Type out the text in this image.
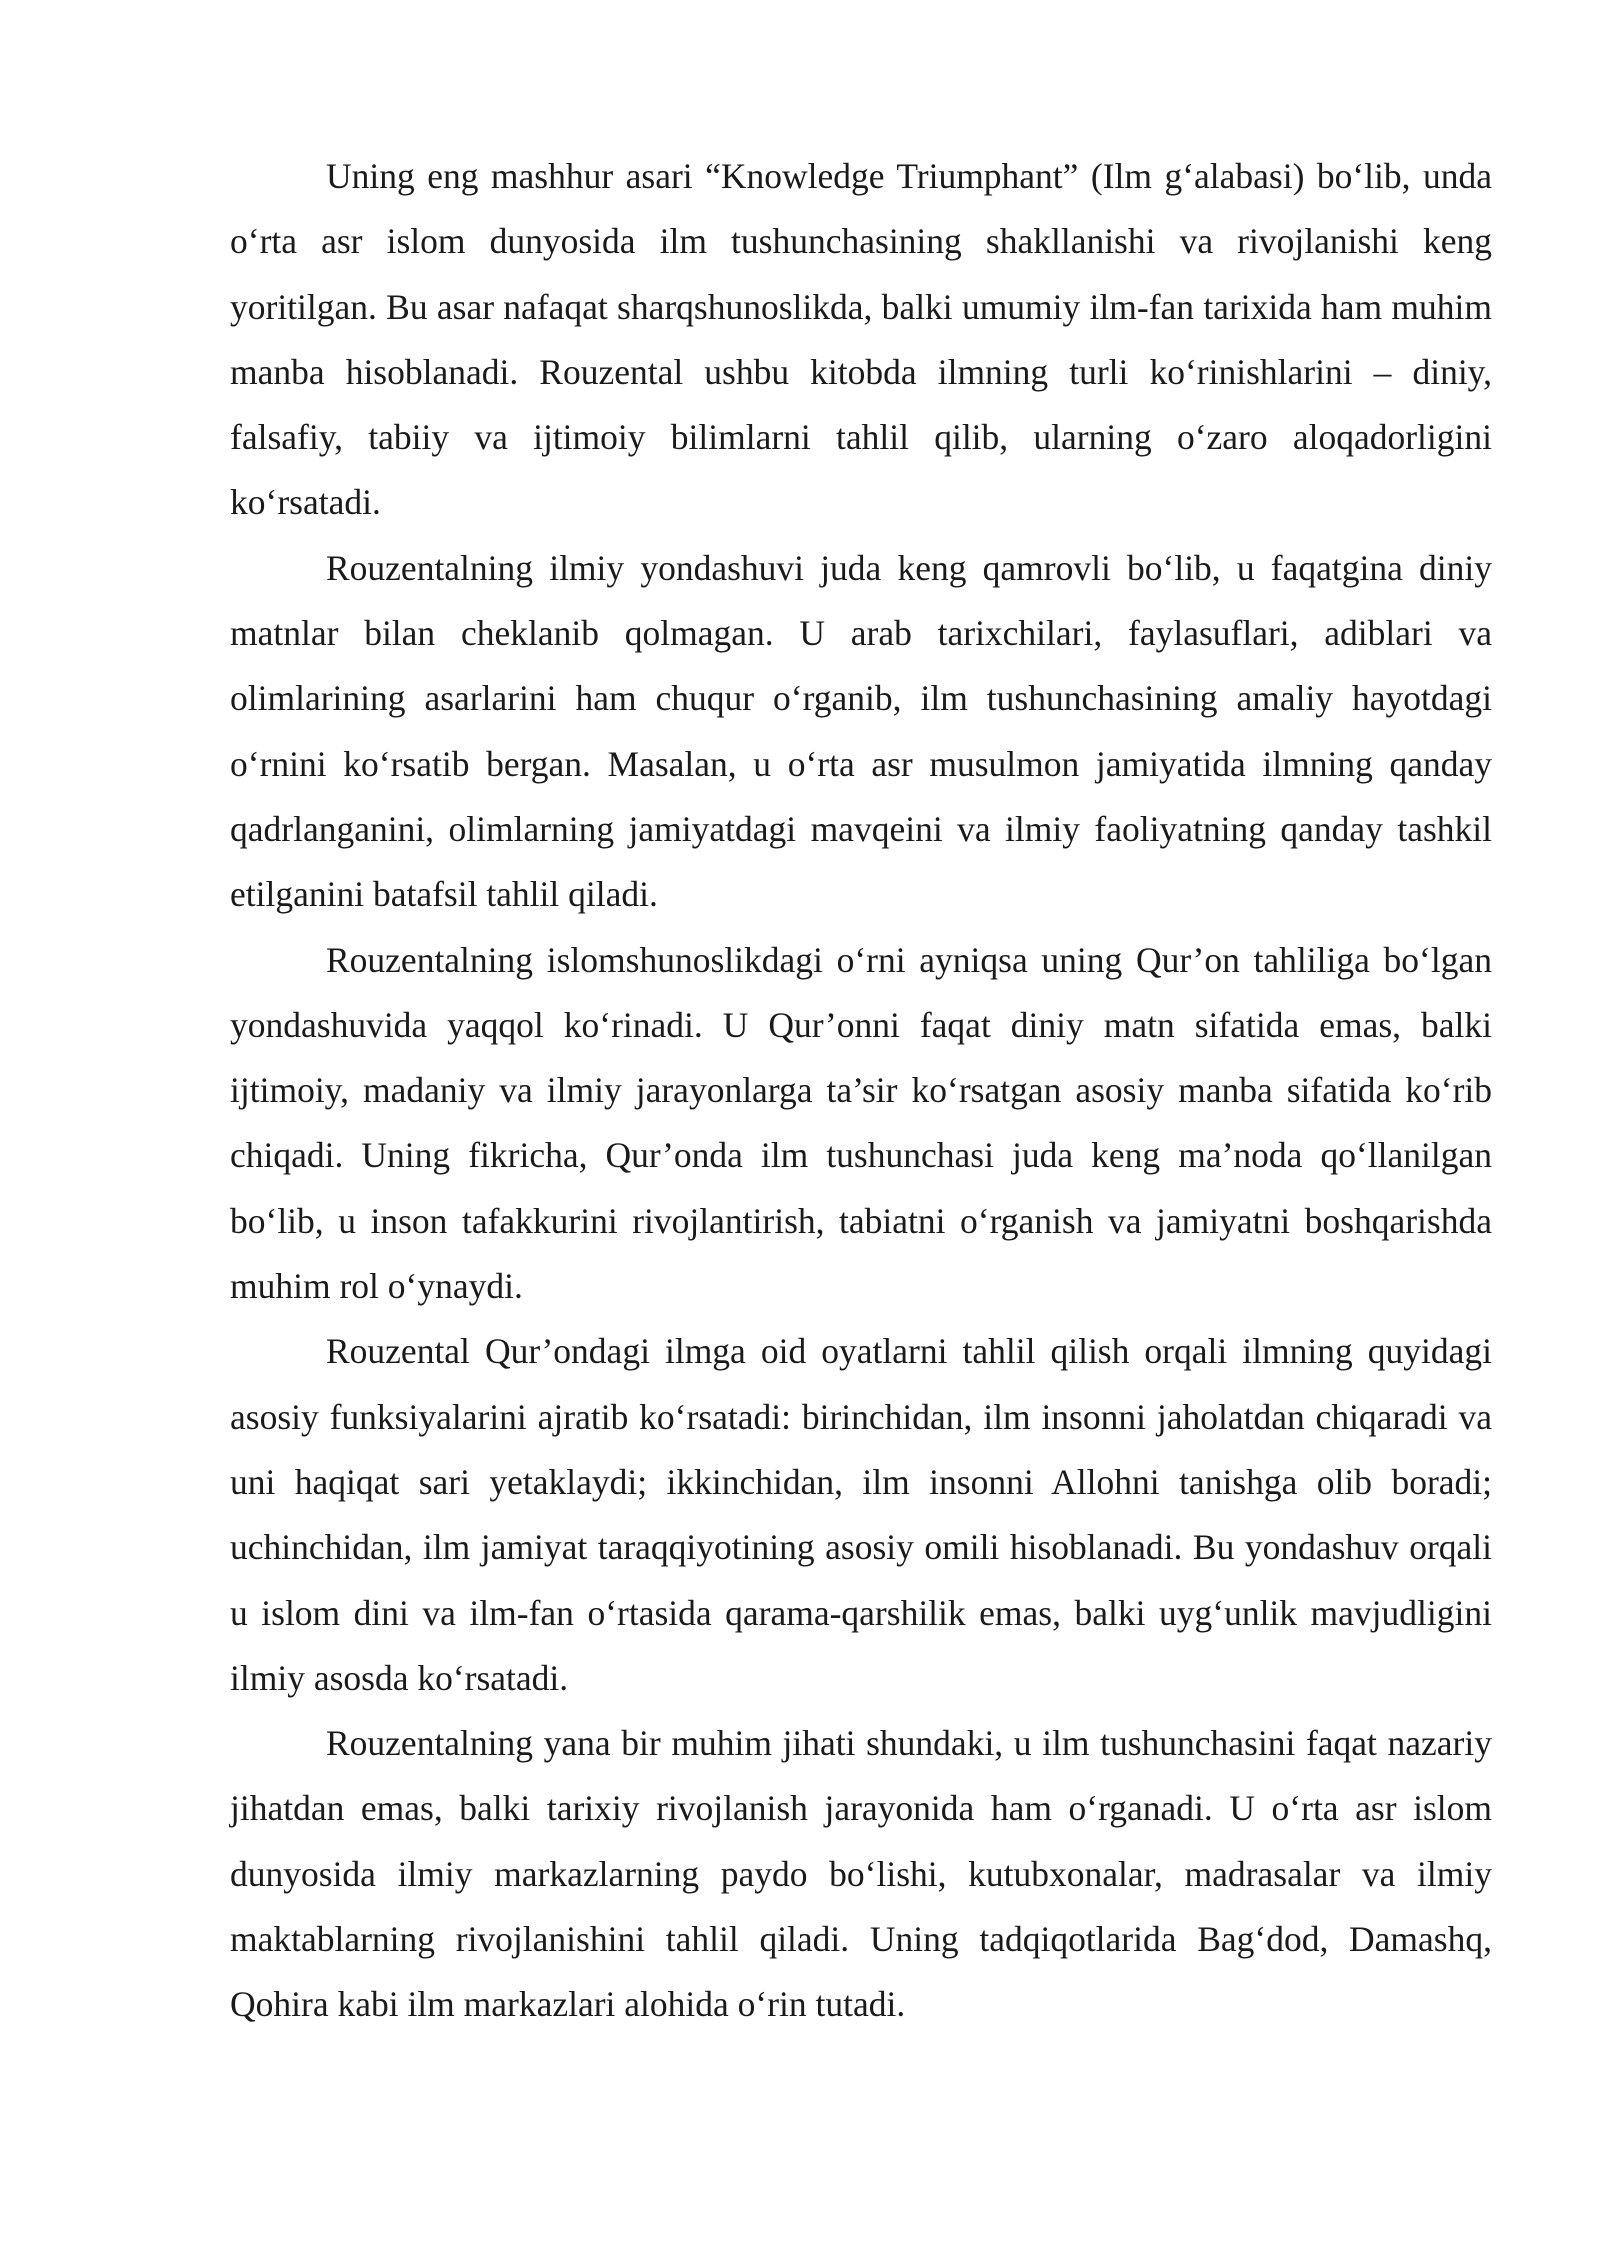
Uning eng mashhur asari “Knowledge Triumphant” (Ilm g‘alabasi) bo‘lib, unda o‘rta asr islom dunyosida ilm tushunchasining shakllanishi va rivojlanishi keng yoritilgan. Bu asar nafaqat sharqshunoslikda, balki umumiy ilm-fan tarixida ham muhim manba hisoblanadi. Rouzental ushbu kitobda ilmning turli ko‘rinishlarini – diniy, falsafiy, tabiiy va ijtimoiy bilimlarni tahlil qilib, ularning o‘zaro aloqadorligini ko‘rsatadi.

Rouzentalning ilmiy yondashuvi juda keng qamrovli bo‘lib, u faqatgina diniy matnlar bilan cheklanib qolmagan. U arab tarixchilari, faylasuflari, adiblari va olimlarining asarlarini ham chuqur o‘rganib, ilm tushunchasining amaliy hayotdagi o‘rnini ko‘rsatib bergan. Masalan, u o‘rta asr musulmon jamiyatida ilmning qanday qadrlanganini, olimlarning jamiyatdagi mavqeini va ilmiy faoliyatning qanday tashkil etilganini batafsil tahlil qiladi.

Rouzentalning islomshunoslikdagi o‘rni ayniqsa uning Qur’on tahliliga bo‘lgan yondashuvida yaqqol ko‘rinadi. U Qur’onni faqat diniy matn sifatida emas, balki ijtimoiy, madaniy va ilmiy jarayonlarga ta’sir ko‘rsatgan asosiy manba sifatida ko‘rib chiqadi. Uning fikricha, Qur’onda ilm tushunchasi juda keng ma’noda qo‘llanilgan bo‘lib, u inson tafakkurini rivojlantirish, tabiatni o‘rganish va jamiyatni boshqarishda muhim rol o‘ynaydi.

Rouzental Qur’ondagi ilmga oid oyatlarni tahlil qilish orqali ilmning quyidagi asosiy funksiyalarini ajratib ko‘rsatadi: birinchidan, ilm insonni jaholatdan chiqaradi va uni haqiqat sari yetaklaydi; ikkinchidan, ilm insonni Allohni tanishga olib boradi; uchinchidan, ilm jamiyat taraqqiyotining asosiy omili hisoblanadi. Bu yondashuv orqali u islom dini va ilm-fan o‘rtasida qarama-qarshilik emas, balki uyg‘unlik mavjudligini ilmiy asosda ko‘rsatadi.

Rouzentalning yana bir muhim jihati shundaki, u ilm tushunchasini faqat nazariy jihatdan emas, balki tarixiy rivojlanish jarayonida ham o‘rganadi. U o‘rta asr islom dunyosida ilmiy markazlarning paydo bo‘lishi, kutubxonalar, madrasalar va ilmiy maktablarning rivojlanishini tahlil qiladi. Uning tadqiqotlarida Bag‘dod, Damashq, Qohira kabi ilm markazlari alohida o‘rin tutadi.
